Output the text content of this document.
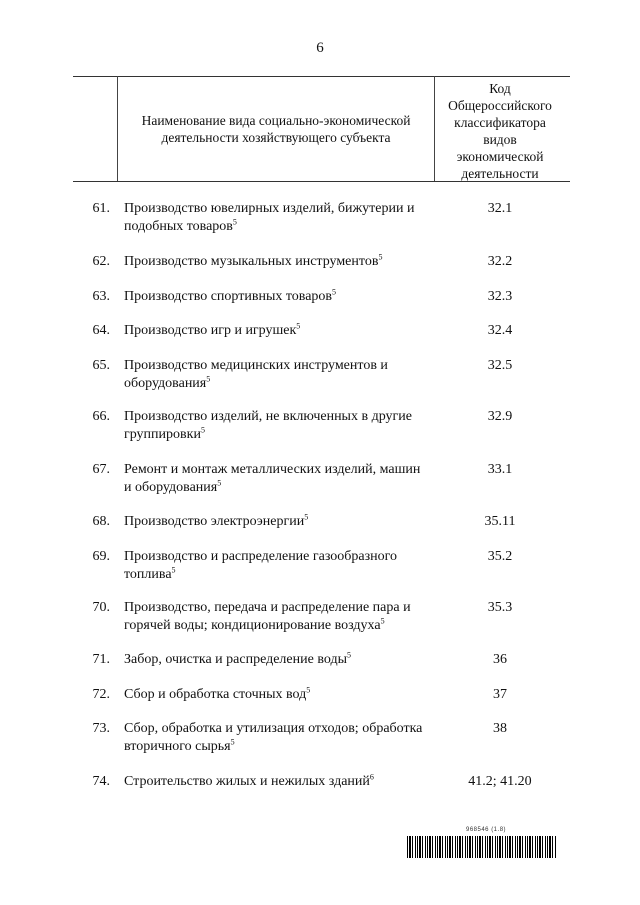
6
Наименование вида социально-экономической деятельности хозяйствующего субъекта
Код
Общероссийского
классификатора
видов
экономической
деятельности
61. Производство ювелирных изделий, бижутерии и подобных товаров$^5$
32.1
62. Производство музыкальных инструментов$^5$	32.2
63. Производство спортивных товаров$^5$	32.3
64. Производство игр и игрушек$^5$	32.4
65. Производство медицинских инструментов и оборудования$^5$
32.5
66. Производство изделий, не включенных в другие группировки$^5$
32.9
67. Ремонт и монтаж металлических изделий, машин и оборудования$^5$
33.1
68. Производство электроэнергии$^5$	35.11
69. Производство и распределение газообразного топлива$^5$
35.2
70. Производство, передача и распределение пара и горячей воды; кондиционирование воздуха$^5$
35.3
71. Забор, очистка и распределение воды$^5$	36
72. Сбор и обработка сточных вод$^5$	37
73. Сбор, обработка и утилизация отходов; обработка вторичного сырья$^5$
38
74. Строительство жилых и нежилых зданий$^6$	41.2; 41.20
968546 (1.8)
